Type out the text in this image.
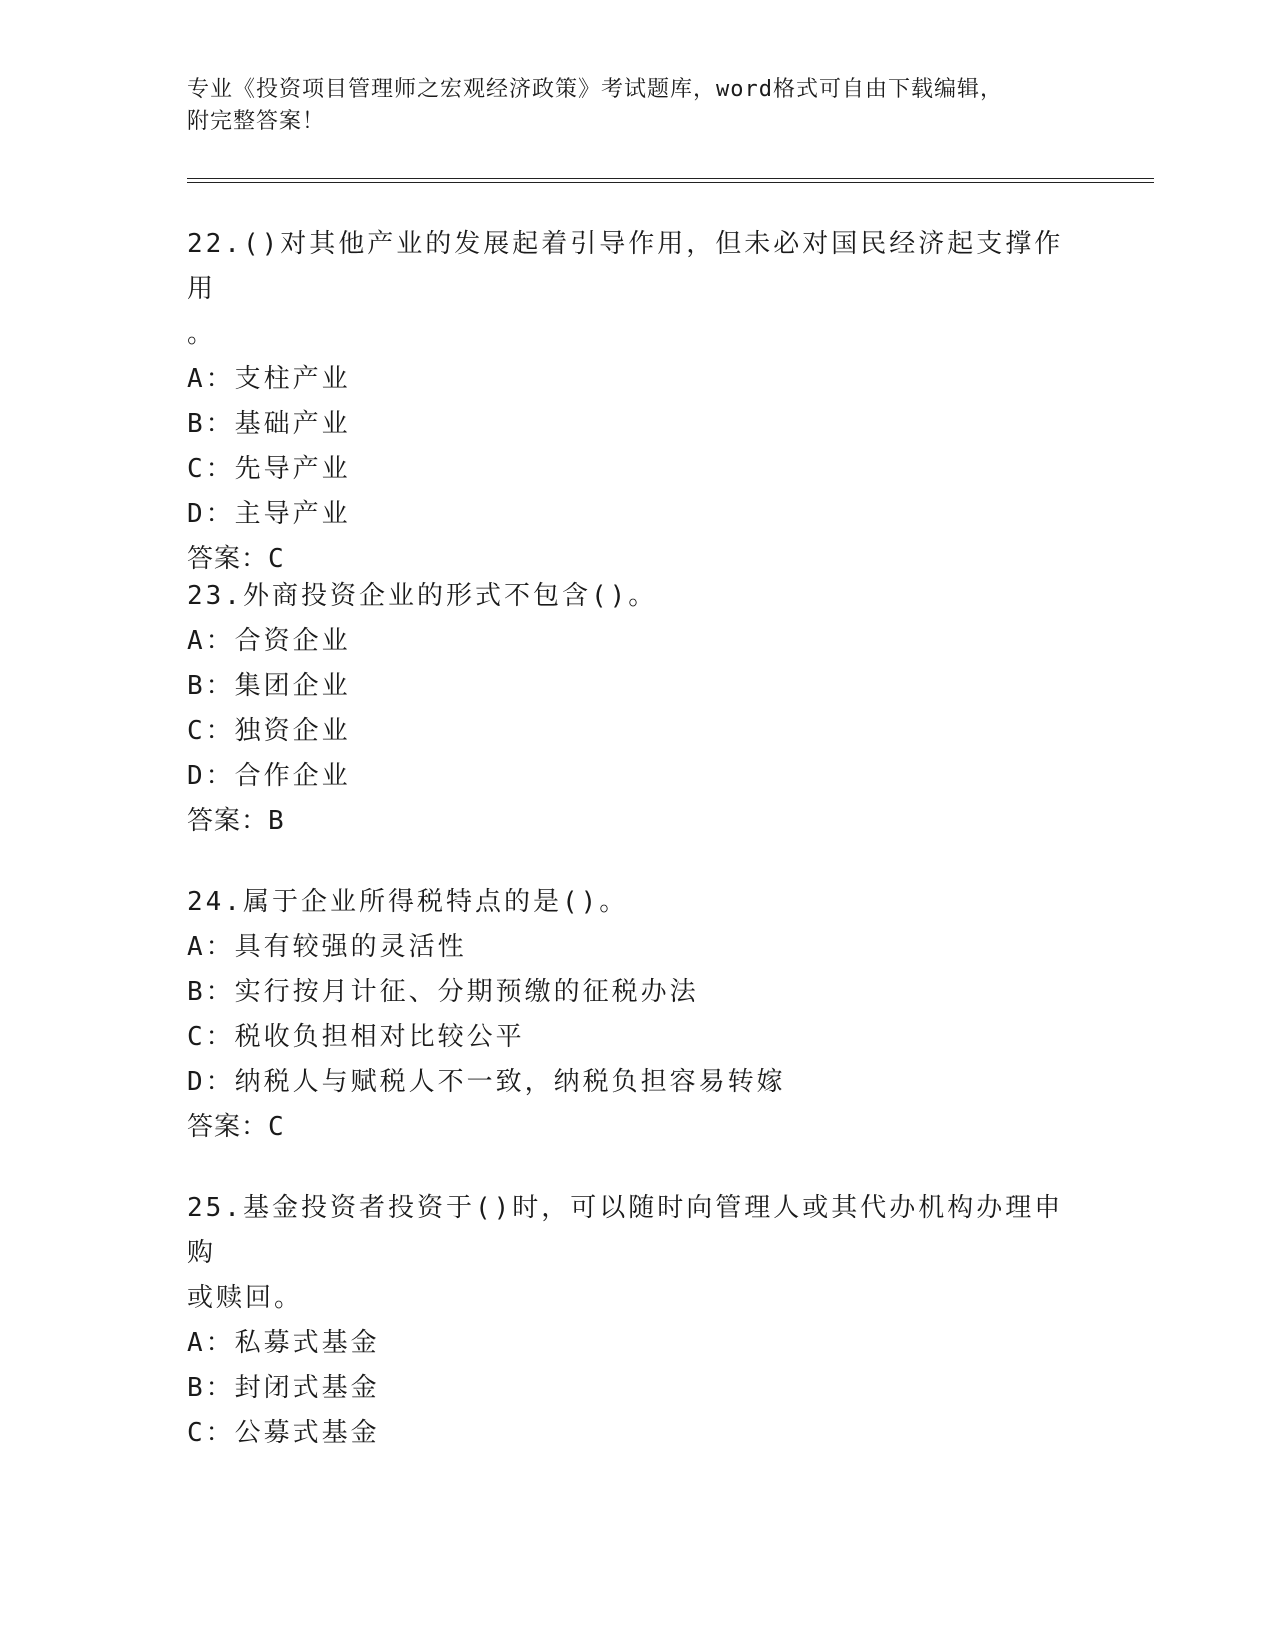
专业《投资项目管理师之宏观经济政策》考试题库，word格式可自由下载编辑，
附完整答案！
22.()对其他产业的发展起着引导作用，但未必对国民经济起支撑作用
。
A：支柱产业
B：基础产业
C：先导产业
D：主导产业
答案：C
23.外商投资企业的形式不包含()。
A：合资企业
B：集团企业
C：独资企业
D：合作企业
答案：B
24.属于企业所得税特点的是()。
A：具有较强的灵活性
B：实行按月计征、分期预缴的征税办法
C：税收负担相对比较公平
D：纳税人与赋税人不一致，纳税负担容易转嫁
答案：C
25.基金投资者投资于()时，可以随时向管理人或其代办机构办理申购
或赎回。
A：私募式基金
B：封闭式基金
C：公募式基金
